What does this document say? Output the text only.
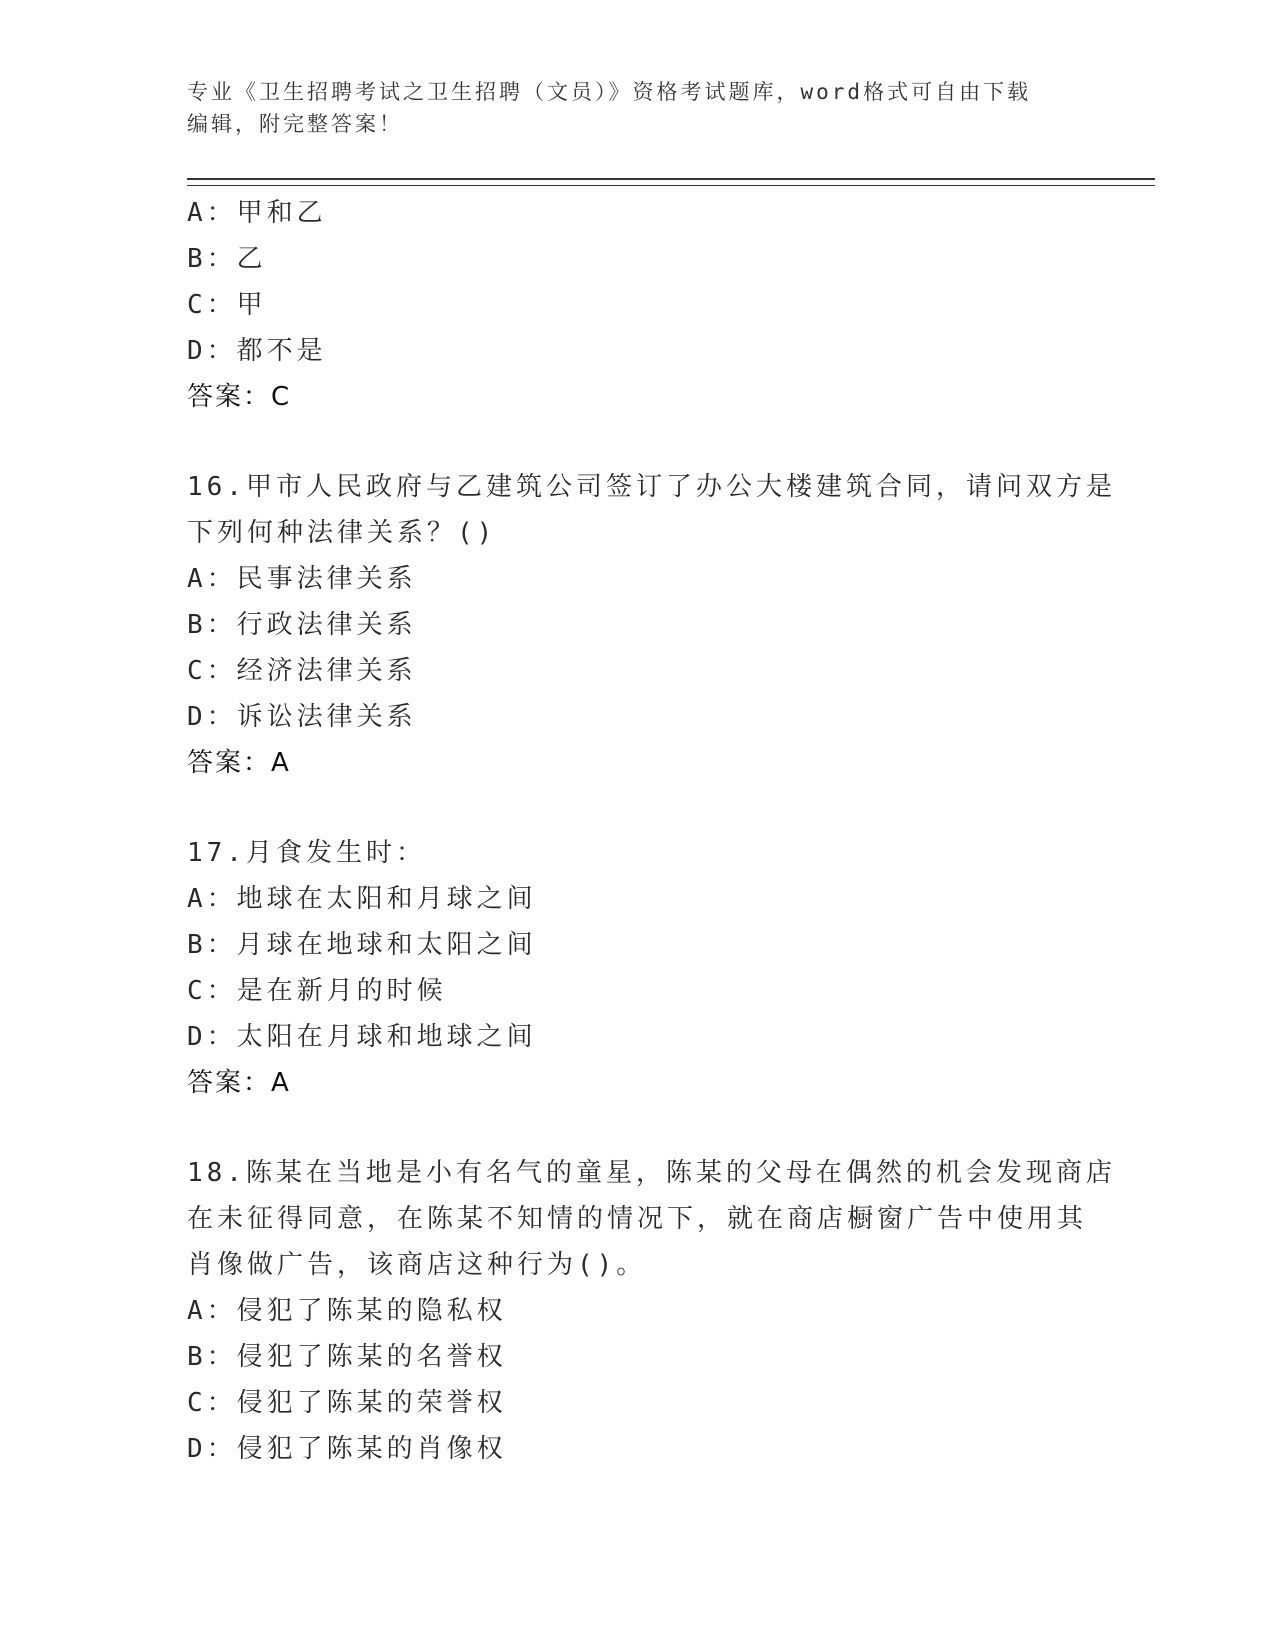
专业《卫生招聘考试之卫生招聘（文员）》资格考试题库，word格式可自由下载
编辑，附完整答案！
A：甲和乙
B：乙
C：甲
D：都不是
答案：C
16.甲市人民政府与乙建筑公司签订了办公大楼建筑合同，请问双方是
下列何种法律关系？()
A：民事法律关系
B：行政法律关系
C：经济法律关系
D：诉讼法律关系
答案：A
17.月食发生时：
A：地球在太阳和月球之间
B：月球在地球和太阳之间
C：是在新月的时候
D：太阳在月球和地球之间
答案：A
18.陈某在当地是小有名气的童星，陈某的父母在偶然的机会发现商店
在未征得同意，在陈某不知情的情况下，就在商店橱窗广告中使用其
肖像做广告，该商店这种行为()。
A：侵犯了陈某的隐私权
B：侵犯了陈某的名誉权
C：侵犯了陈某的荣誉权
D：侵犯了陈某的肖像权
